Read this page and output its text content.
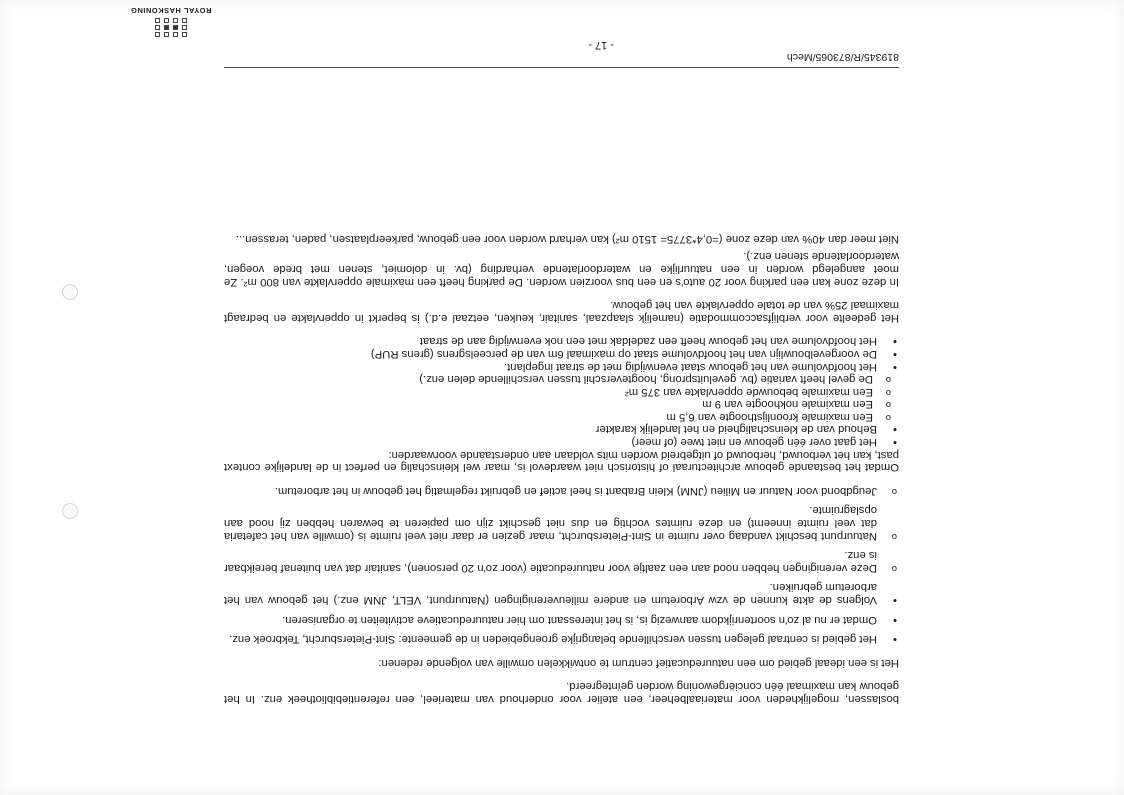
ROYAL HASKONING

boslassen, mogelijkheden voor materiaalbeheer, een atelier voor onderhoud van materieel, een referentiebibliotheek enz. In het gebouw kan maximaal één conciërgewoning worden geïntegreerd.

Het is een ideaal gebied om een natuureducatief centrum te ontwikkelen omwille van volgende redenen:

• Het gebied is centraal gelegen tussen verschillende belangrijke groengebieden in de gemeente: Sint-Pietersburcht, Tekbroek enz.
• Omdat er nu al zo'n soortenrijkdom aanwezig is, is het interessant om hier natuureducatieve activiteiten te organiseren.
• Volgens de akte kunnen de vzw Arboretum en andere milieuverenigingen (Natuurpunt, VELT, JNM enz.) het gebouw van het arboretum gebruiken.
o Deze verenigingen hebben nood aan een zaaltje voor natuureducatie (voor zo'n 20 personen), sanitair dat van buitenaf bereikbaar is enz.
o Natuurpunt beschikt vandaag over ruimte in Sint-Pietersburcht, maar gezien er daar niet veel ruimte is (omwille van het cafetaria dat veel ruimte inneemt) en deze ruimtes vochtig en dus niet geschikt zijn om papieren te bewaren hebben zij nood aan opslagruimte.
o Jeugdbond voor Natuur en Milieu (JNM) Klein Brabant is heel actief en gebruikt regelmatig het gebouw in het arboretum.

Omdat het bestaande gebouw architecturaal of historisch niet waardevol is, maar wel kleinschalig en perfect in de landelijke context past, kan het verbouwd, herbouwd of uitgebreid worden mits voldaan aan onderstaande voorwaarden:

• Het gaat over één gebouw en niet twee (of meer)
• Behoud van de kleinschaligheid en het landelijk karakter
o Een maximale kroonlijsthoogte van 6,5 m
o Een maximale nokhoogte van 9 m
o Een maximale bebouwde oppervlakte van 375 m²
o De gevel heeft variatie (bv. geveluitsprong, hoogteverschil tussen verschillende delen enz.)
• Het hoofdvolume van het gebouw staat evenwijdig met de straat ingeplant.
• De voorgevelbouwlijn van het hoofdvolume staat op maximaal 6m van de perceelsgrens (grens RUP)
• Het hoofdvolume van het gebouw heeft een zadeldak met een nok evenwijdig aan de straat

Het gedeelte voor verblijfsaccommodatie (namelijk slaapzaal, sanitair, keuken, eetzaal e.d.) is beperkt in oppervlakte en bedraagt maximaal 25% van de totale oppervlakte van het gebouw.

In deze zone kan een parking voor 20 auto's en een bus voorzien worden. De parking heeft een maximale oppervlakte van 800 m². Ze moet aangelegd worden in een natuurlijke en waterdoorlatende verharding (bv. in dolomiet, stenen met brede voegen, waterdoorlatende stenen enz.).

Niet meer dan 40% van deze zone (=0,4*3775= 1510 m²) kan verhard worden voor een gebouw, parkeerplaatsen, paden, terassen...

819345/R/873065/Mech
- 17 -
